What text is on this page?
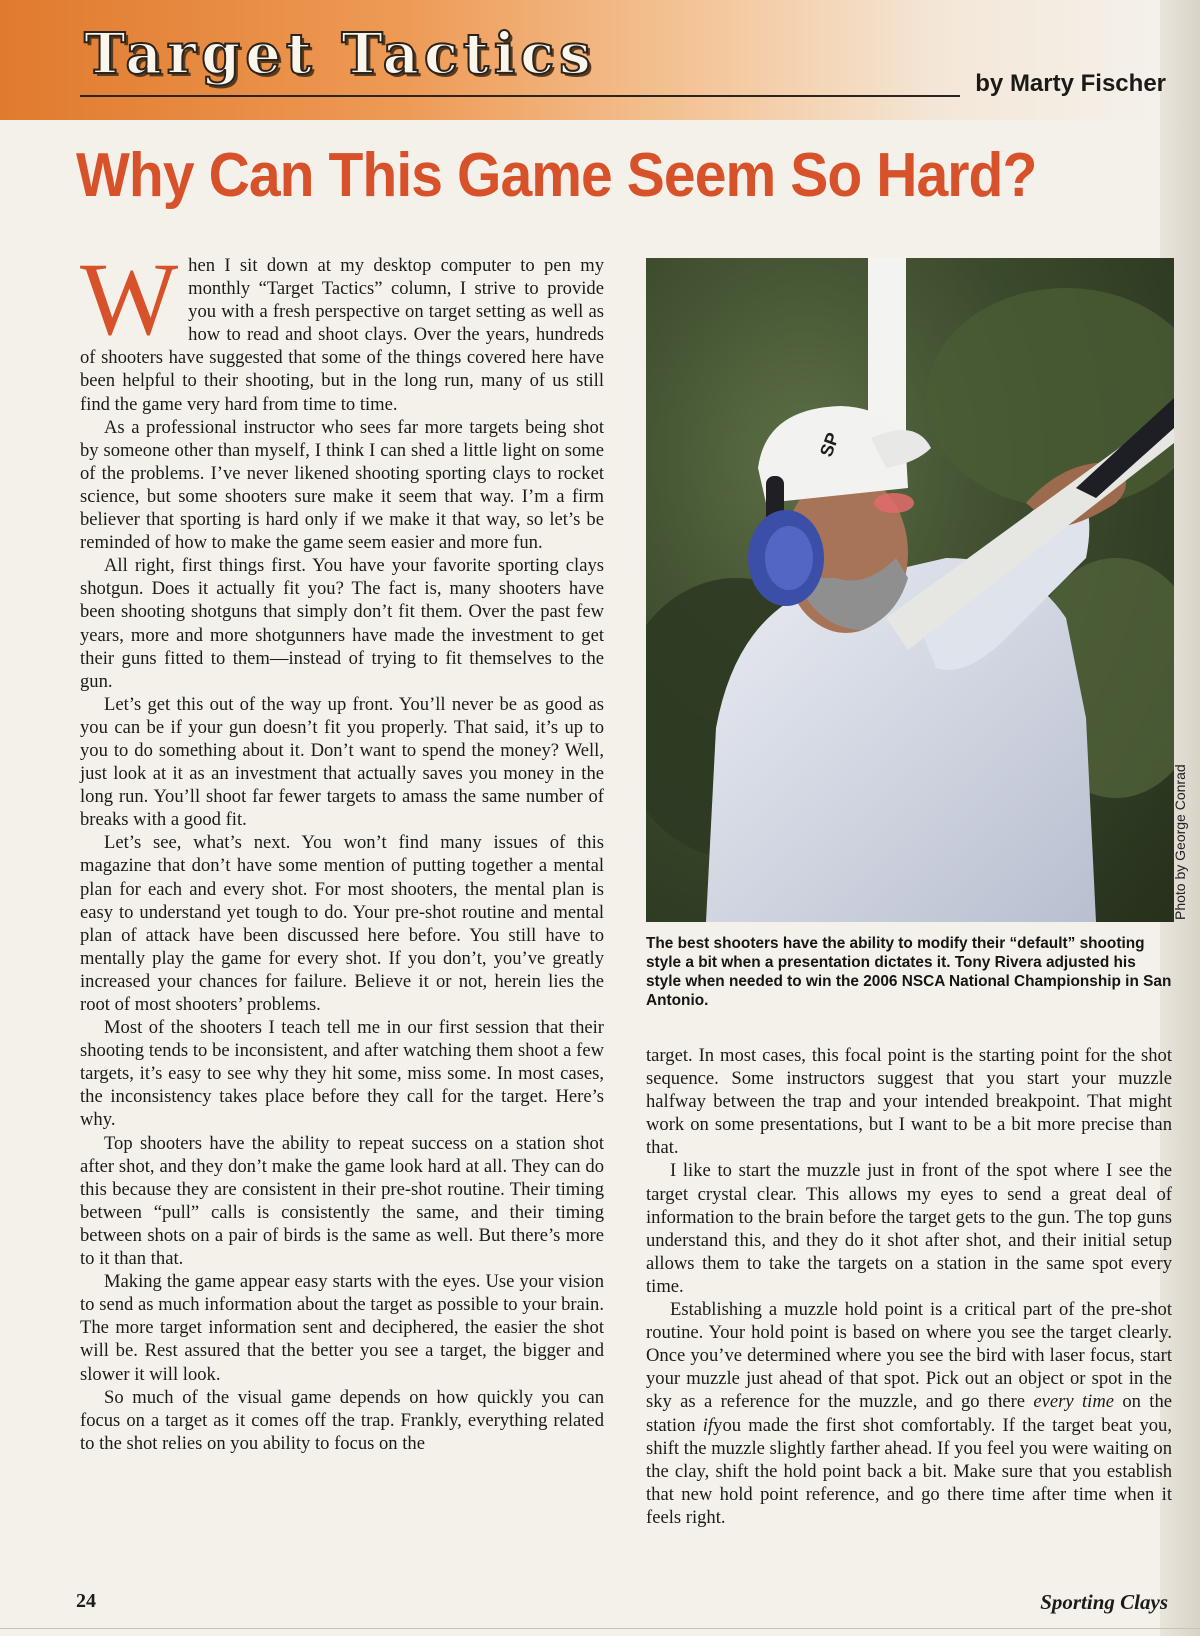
Target Tactics	by Marty Fischer
Why Can This Game Seem So Hard?

When I sit down at my desktop computer to pen my monthly “Target Tactics” column, I strive to provide you with a fresh perspective on target setting as well as how to read and shoot clays. Over the years, hundreds of shooters have suggested that some of the things covered here have been helpful to their shooting, but in the long run, many of us still find the game very hard from time to time.

As a professional instructor who sees far more targets being shot by someone other than myself, I think I can shed a little light on some of the problems. I’ve never likened shooting sporting clays to rocket science, but some shooters sure make it seem that way. I’m a firm believer that sporting is hard only if we make it that way, so let’s be reminded of how to make the game seem easier and more fun.

All right, first things first. You have your favorite sporting clays shotgun. Does it actually fit you? The fact is, many shooters have been shooting shotguns that simply don’t fit them. Over the past few years, more and more shotgunners have made the investment to get their guns fitted to them—instead of trying to fit themselves to the gun.

Let’s get this out of the way up front. You’ll never be as good as you can be if your gun doesn’t fit you properly. That said, it’s up to you to do something about it. Don’t want to spend the money? Well, just look at it as an investment that actually saves you money in the long run. You’ll shoot far fewer targets to amass the same number of breaks with a good fit.

Let’s see, what’s next. You won’t find many issues of this magazine that don’t have some mention of putting together a mental plan for each and every shot. For most shooters, the mental plan is easy to understand yet tough to do. Your pre-shot routine and mental plan of attack have been discussed here before. You still have to mentally play the game for every shot. If you don’t, you’ve greatly increased your chances for failure. Believe it or not, herein lies the root of most shooters’ problems.

Most of the shooters I teach tell me in our first session that their shooting tends to be inconsistent, and after watching them shoot a few targets, it’s easy to see why they hit some, miss some. In most cases, the inconsistency takes place before they call for the target. Here’s why.

Top shooters have the ability to repeat success on a station shot after shot, and they don’t make the game look hard at all. They can do this because they are consistent in their pre-shot routine. Their timing between “pull” calls is consistently the same, and their timing between shots on a pair of birds is the same as well. But there’s more to it than that.

Making the game appear easy starts with the eyes. Use your vision to send as much information about the target as possible to your brain. The more target information sent and deciphered, the easier the shot will be. Rest assured that the better you see a target, the bigger and slower it will look.

So much of the visual game depends on how quickly you can focus on a target as it comes off the trap. Frankly, everything related to the shot relies on you ability to focus on the

SP
Photo by George Conrad

The best shooters have the ability to modify their “default” shooting style a bit when a presentation dictates it. Tony Rivera adjusted his style when needed to win the 2006 NSCA National Championship in San Antonio.

target. In most cases, this focal point is the starting point for the shot sequence. Some instructors suggest that you start your muzzle halfway between the trap and your intended breakpoint. That might work on some presentations, but I want to be a bit more precise than that.

I like to start the muzzle just in front of the spot where I see the target crystal clear. This allows my eyes to send a great deal of information to the brain before the target gets to the gun. The top guns understand this, and they do it shot after shot, and their initial setup allows them to take the targets on a station in the same spot every time.

Establishing a muzzle hold point is a critical part of the pre-shot routine. Your hold point is based on where you see the target clearly. Once you’ve determined where you see the bird with laser focus, start your muzzle just ahead of that spot. Pick out an object or spot in the sky as a reference for the muzzle, and go there every time on the station ifyou made the first shot comfortably. If the target beat you, shift the muzzle slightly farther ahead. If you feel you were waiting on the clay, shift the hold point back a bit. Make sure that you establish that new hold point reference, and go there time after time when it feels right.

24	Sporting Clays
